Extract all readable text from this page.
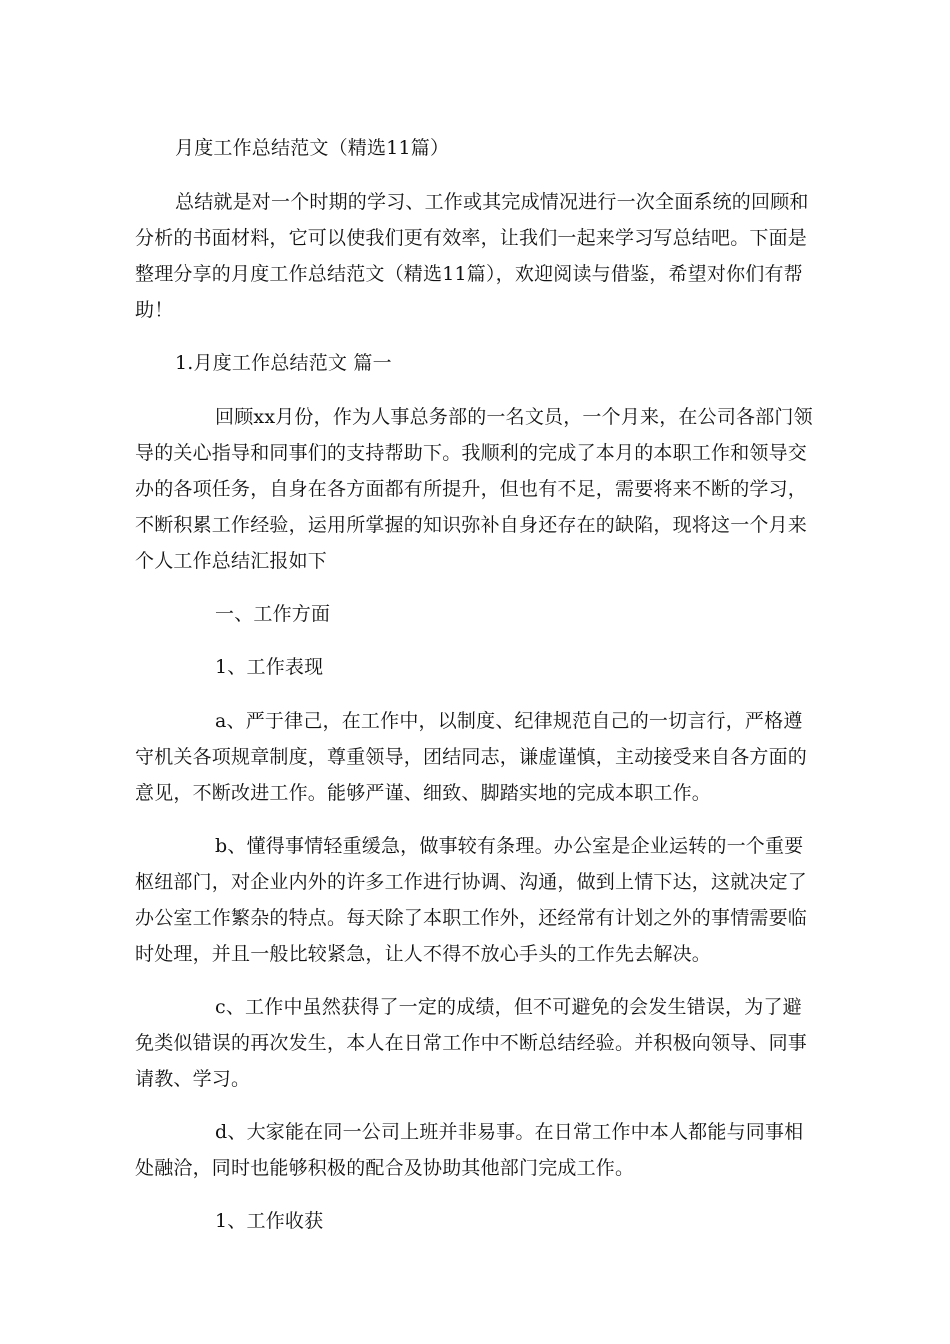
月度工作总结范文（精选11篇）

总结就是对一个时期的学习、工作或其完成情况进行一次全面系统的回顾和

分析的书面材料，它可以使我们更有效率，让我们一起来学习写总结吧。下面是

整理分享的月度工作总结范文（精选11篇），欢迎阅读与借鉴，希望对你们有帮

助！

1.月度工作总结范文 篇一

回顾xx月份，作为人事总务部的一名文员，一个月来，在公司各部门领

导的关心指导和同事们的支持帮助下。我顺利的完成了本月的本职工作和领导交

办的各项任务，自身在各方面都有所提升，但也有不足，需要将来不断的学习，

不断积累工作经验，运用所掌握的知识弥补自身还存在的缺陷，现将这一个月来

个人工作总结汇报如下

一、工作方面

1、工作表现

a、严于律己，在工作中，以制度、纪律规范自己的一切言行，严格遵

守机关各项规章制度，尊重领导，团结同志，谦虚谨慎，主动接受来自各方面的

意见，不断改进工作。能够严谨、细致、脚踏实地的完成本职工作。

b、懂得事情轻重缓急，做事较有条理。办公室是企业运转的一个重要

枢纽部门，对企业内外的许多工作进行协调、沟通，做到上情下达，这就决定了

办公室工作繁杂的特点。每天除了本职工作外，还经常有计划之外的事情需要临

时处理，并且一般比较紧急，让人不得不放心手头的工作先去解决。

c、工作中虽然获得了一定的成绩，但不可避免的会发生错误，为了避

免类似错误的再次发生，本人在日常工作中不断总结经验。并积极向领导、同事

请教、学习。

d、大家能在同一公司上班并非易事。在日常工作中本人都能与同事相

处融洽，同时也能够积极的配合及协助其他部门完成工作。

1、工作收获
